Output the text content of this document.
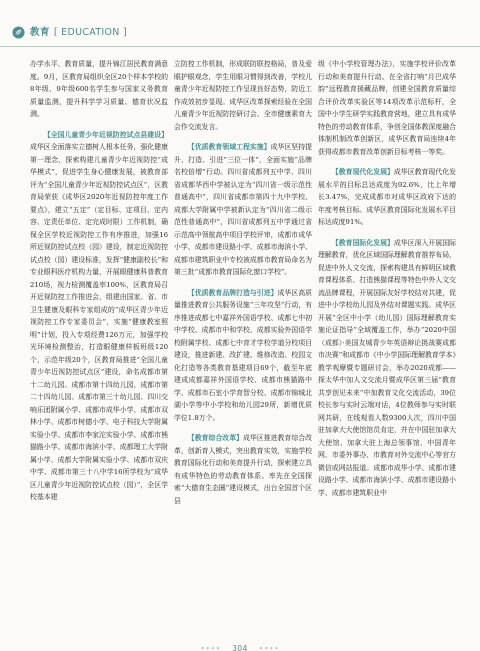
教育 [ EDUCATION ]

办学水平、教育质量，提升锦江居民教育满意度。9月，区教育局组织全区20个样本学校的8年级、9年级600名学生参与国家义务教育质量监测，提升科学学习质量、德育状况监测。

【全国儿童青少年近视防控试点县建设】成华区全面落实立德树人根本任务，强化健康第一理念，探索构建儿童青少年近视防控“成华模式”，促进学生身心健康发展，被教育部评为“全国儿童青少年近视防控试点区”，区教育局荣获《成华区2020年近视防控年度工作要点》，建立“五定”（定目标、定项目、定内容、定责任单位、定完成时限）工作机制，确保全区学校近视防控工作有序推进，加强16所近视防控试点校（园）建设，制定近视防控试点校（园）建设标准，发挥“健康副校长”和专业眼科医疗机构力量，开展眼健康科普教育210场，视力检测覆盖率100%，区教育局召开近视防控工作推进会，组建由国家、省、市卫生健康及眼科专家组成的“成华区青少年近视防控工作专家委员会”，实施“健康教室照明”计划，投入专项经费126万元，加强学校光环境检测整治，打造眼健康样板班级120个，示范年级20个，区教育局推进“全国儿童青少年近视防控试点区”建设，命名成都市第十二幼儿园、成都市第十四幼儿园、成都市第二十四幼儿园、成都市第三十幼儿园、四川交响乐团附属小学、成都市成华小学、成都市双林小学、成都市树德小学、电子科技大学附属实验小学、成都市李家沱实验小学、成都市熊猫路小学、成都市海滨小学、成都理工大学附属小学、成都大学附属实验小学、成都市双庆中学、成都市第三十八中学16所学校为“成华区儿童青少年近视防控试点校（园）”，全区学校基本建

立防控工作机制，形成联防联控格局，普及爱眼护眼观念，学生用眼习惯得到改善，学校儿童青少年近视防控工作呈现良好态势，防近工作成效初步显现。成华区改革探索经验在全国儿童青少年近视防控研讨会、全市健康素育大会作交流发言。

【优质教育领域工程实施】成华区坚持提升、打造、引进“三位一体”，全面实施“品牌名校倍增”行动。四川省成都列五中学、四川省成都华西中学被认定为“四川省一级示范性普通高中”，四川省成都市第四十九中学校、成都大学附属中学被新认定为“四川省二级示范性普通高中”，四川省成都列五中学通过省示范高中领航高中项目学校评审，成都市成华小学、成都市建设路小学、成都市海滨小学、成都市建筑职业中专校被成都市教育局命名为第三批“成都市教育国际化窗口学校”。

【优质教育品牌打造与引进】成华区高质量推进教育公共服务设施“三年攻坚”行动，有序推进成都七中嘉祥外国语学校、成都七中初中学校、成都市中和学校、成都实验外国语学校附属学校、成都七中育才学校学道分校项目建设，推进新建、改扩建、维修改造、校园文化打造等各类教育基建项目69个，截至年底建成成都嘉祥外国语学校、成都市熊猫路中学、成都市石室小学育智分校、成都市锦城北湖小学等中小学校和幼儿园29所，新增优质学位1.8万个。

【教育综合改革】成华区推进教育综合改革，创新育人模式，突出教育实效，实施学校教育国际化行动和美育提升行动，探索建立具有成华特色的劳动教育体系。率先在全国探索“大德育生态圈”建设模式，出台全国首个区县

级《中小学校管理办法》，实施学校评价改革行动和美育提升行动。在全省打响“月巴成华韵”远程教育援藏品牌，创建全国教育质量综合评价改革实验区等14项改革示范标杆，全国中小学生研学实践教育营地，建立具有成华特色的劳动教育体系，争创全国体教深度融合体制机制改革创新区，成华区教育局连续4年获得成都市教育改革创新目标考核一等奖。

【教育现代化发展】成华区教育现代化发展水平的目标总达成度为92.6%，比上年增长3.47%，完成成都市对成华区政府下达的年度考核目标。成华区教育国际化发展水平目标达成度91%。

【教育国际化发展】成华区深入开展国际理解教育，优化区域国际理解教育推荐布局，促进中外人文交流，探索构建具有鲜明区域教育课程体系、打造熊猫课程等特色中外人文交流品牌课程，开展国际友好学校结对共建，促进中小学校幼儿园及外结对课题实践。成华区开展“全区中小学（幼儿园）国际理解教育实施论证指导”全域覆盖工作，举办“2020中国（成都）·美国友城青少年英语辩论挑战赛成都市决赛”和成都市《中小学国际理解教育学本》教学观摩暨专题研讨会，举办2020成都——探太华中加人文交流月暨成华区第三届“教育共享创见未来”中加教育文化交流活动，39位校长参与实时云端对话，4位教师参与实时联网共研，在线观看人数9300人次，四川中国驻加拿大大使馆馆员肯定，并在中国驻加拿大大使馆、加拿大驻上海总领事馆、中国青年网、市委外事办、市教育对外交流中心等官方微信或网站报道。成都市成华小学、成都市建设路小学、成都市海滨小学、成都市建设路小学、成都市建筑职业中

•••• 304 ••••
